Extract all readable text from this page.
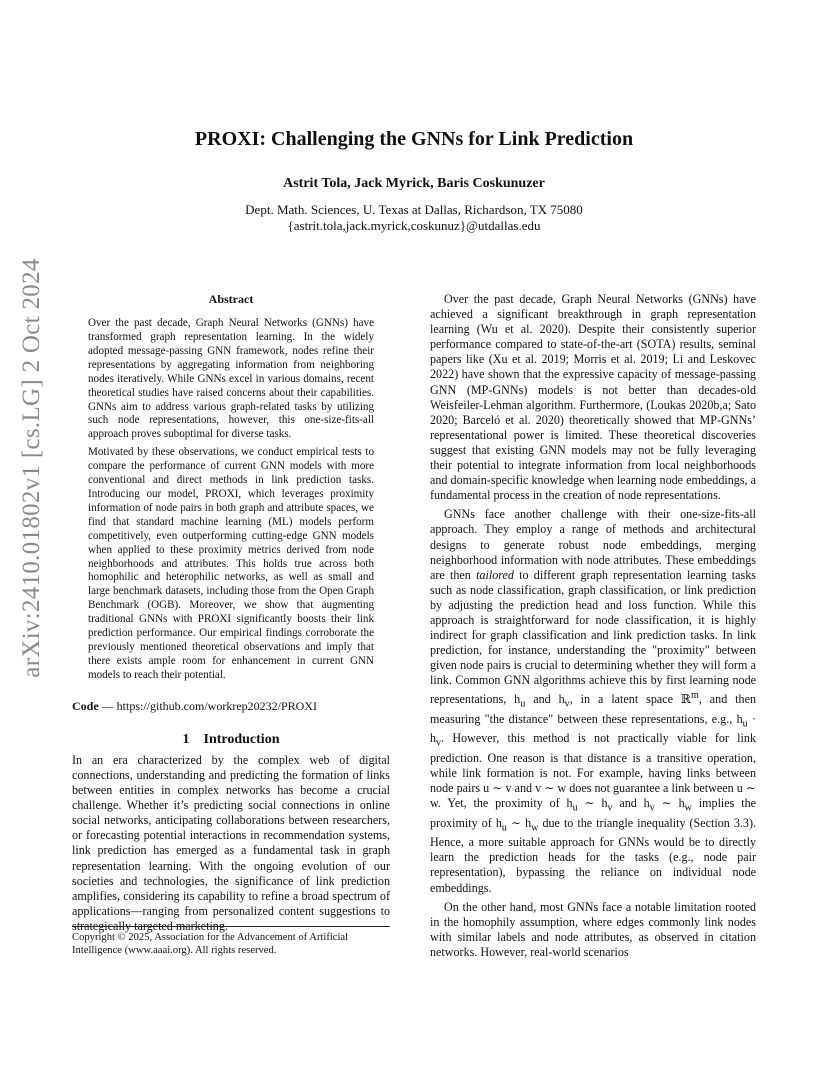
arXiv:2410.01802v1 [cs.LG] 2 Oct 2024
PROXI: Challenging the GNNs for Link Prediction
Astrit Tola, Jack Myrick, Baris Coskunuzer
Dept. Math. Sciences, U. Texas at Dallas, Richardson, TX 75080
{astrit.tola,jack.myrick,coskunuz}@utdallas.edu
Abstract

Over the past decade, Graph Neural Networks (GNNs) have transformed graph representation learning. In the widely adopted message-passing GNN framework, nodes refine their representations by aggregating information from neighboring nodes iteratively. While GNNs excel in various domains, recent theoretical studies have raised concerns about their capabilities. GNNs aim to address various graph-related tasks by utilizing such node representations, however, this one-size-fits-all approach proves suboptimal for diverse tasks.

Motivated by these observations, we conduct empirical tests to compare the performance of current GNN models with more conventional and direct methods in link prediction tasks. Introducing our model, PROXI, which leverages proximity information of node pairs in both graph and attribute spaces, we find that standard machine learning (ML) models perform competitively, even outperforming cutting-edge GNN models when applied to these proximity metrics derived from node neighborhoods and attributes. This holds true across both homophilic and heterophilic networks, as well as small and large benchmark datasets, including those from the Open Graph Benchmark (OGB). Moreover, we show that augmenting traditional GNNs with PROXI significantly boosts their link prediction performance. Our empirical findings corroborate the previously mentioned theoretical observations and imply that there exists ample room for enhancement in current GNN models to reach their potential.

Code — https://github.com/workrep20232/PROXI
1 Introduction

In an era characterized by the complex web of digital connections, understanding and predicting the formation of links between entities in complex networks has become a crucial challenge. Whether it’s predicting social connections in online social networks, anticipating collaborations between researchers, or forecasting potential interactions in recommendation systems, link prediction has emerged as a fundamental task in graph representation learning. With the ongoing evolution of our societies and technologies, the significance of link prediction amplifies, considering its capability to refine a broad spectrum of applications—ranging from personalized content suggestions to strategically targeted marketing.

Copyright © 2025, Association for the Advancement of Artificial Intelligence (www.aaai.org). All rights reserved.

Over the past decade, Graph Neural Networks (GNNs) have achieved a significant breakthrough in graph representation learning (Wu et al. 2020). Despite their consistently superior performance compared to state-of-the-art (SOTA) results, seminal papers like (Xu et al. 2019; Morris et al. 2019; Li and Leskovec 2022) have shown that the expressive capacity of message-passing GNN (MP-GNNs) models is not better than decades-old Weisfeiler-Lehman algorithm. Furthermore, (Loukas 2020b,a; Sato 2020; Barceló et al. 2020) theoretically showed that MP-GNNs’ representational power is limited. These theoretical discoveries suggest that existing GNN models may not be fully leveraging their potential to integrate information from local neighborhoods and domain-specific knowledge when learning node embeddings, a fundamental process in the creation of node representations.

GNNs face another challenge with their one-size-fits-all approach. They employ a range of methods and architectural designs to generate robust node embeddings, merging neighborhood information with node attributes. These embeddings are then tailored to different graph representation learning tasks such as node classification, graph classification, or link prediction by adjusting the prediction head and loss function. While this approach is straightforward for node classification, it is highly indirect for graph classification and link prediction tasks. In link prediction, for instance, understanding the "proximity" between given node pairs is crucial to determining whether they will form a link. Common GNN algorithms achieve this by first learning node representations, $h_u$ and $h_v$, in a latent space ℝ$^m$, and then measuring "the distance" between these representations, e.g., $h_u \cdot h_v$. However, this method is not practically viable for link prediction. One reason is that distance is a transitive operation, while link formation is not. For example, having links between node pairs u ∼ v and v ∼ w does not guarantee a link between u ∼ w. Yet, the proximity of $h_u$ ∼ $h_v$ and $h_v$ ∼ $h_w$ implies the proximity of $h_u$ ∼ $h_w$ due to the triangle inequality (Section 3.3). Hence, a more suitable approach for GNNs would be to directly learn the prediction heads for the tasks (e.g., node pair representation), bypassing the reliance on individual node embeddings.

On the other hand, most GNNs face a notable limitation rooted in the homophily assumption, where edges commonly link nodes with similar labels and node attributes, as observed in citation networks. However, real-world scenarios
